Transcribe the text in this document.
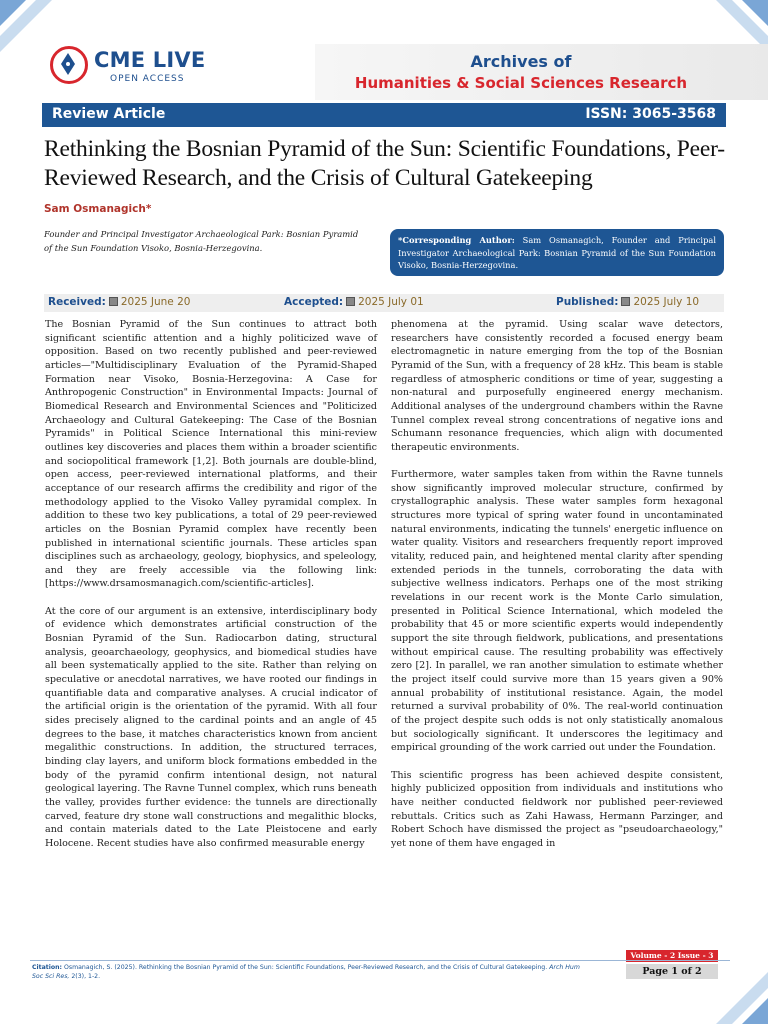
CME LIVE
OPEN ACCESS
Archives of
Humanities & Social Sciences Research
Review Article	ISSN: 3065-3568
Rethinking the Bosnian Pyramid of the Sun: Scientific Foundations, Peer-Reviewed Research, and the Crisis of Cultural Gatekeeping
Sam Osmanagich*
Founder and Principal Investigator Archaeological Park: Bosnian Pyramid of the Sun Foundation Visoko, Bosnia-Herzegovina.
*Corresponding Author: Sam Osmanagich, Founder and Principal Investigator Archaeological Park: Bosnian Pyramid of the Sun Foundation Visoko, Bosnia-Herzegovina.
Received: 2025 June 20	Accepted: 2025 July 01	Published: 2025 July 10

The Bosnian Pyramid of the Sun continues to attract both significant scientific attention and a highly politicized wave of opposition. Based on two recently published and peer-reviewed articles—"Multidisciplinary Evaluation of the Pyramid-Shaped Formation near Visoko, Bosnia-Herzegovina: A Case for Anthropogenic Construction" in Environmental Impacts: Journal of Biomedical Research and Environmental Sciences and "Politicized Archaeology and Cultural Gatekeeping: The Case of the Bosnian Pyramids" in Political Science International this mini-review outlines key discoveries and places them within a broader scientific and sociopolitical framework [1,2]. Both journals are double-blind, open access, peer-reviewed international platforms, and their acceptance of our research affirms the credibility and rigor of the methodology applied to the Visoko Valley pyramidal complex. In addition to these two key publications, a total of 29 peer-reviewed articles on the Bosnian Pyramid complex have recently been published in international scientific journals. These articles span disciplines such as archaeology, geology, biophysics, and speleology, and they are freely accessible via the following link: [https://www.drsamosmanagich.com/scientific-articles].

At the core of our argument is an extensive, interdisciplinary body of evidence which demonstrates artificial construction of the Bosnian Pyramid of the Sun. Radiocarbon dating, structural analysis, geoarchaeology, geophysics, and biomedical studies have all been systematically applied to the site. Rather than relying on speculative or anecdotal narratives, we have rooted our findings in quantifiable data and comparative analyses. A crucial indicator of the artificial origin is the orientation of the pyramid. With all four sides precisely aligned to the cardinal points and an angle of 45 degrees to the base, it matches characteristics known from ancient megalithic constructions. In addition, the structured terraces, binding clay layers, and uniform block formations embedded in the body of the pyramid confirm intentional design, not natural geological layering. The Ravne Tunnel complex, which runs beneath the valley, provides further evidence: the tunnels are directionally carved, feature dry stone wall constructions and megalithic blocks, and contain materials dated to the Late Pleistocene and early Holocene. Recent studies have also confirmed measurable energy

phenomena at the pyramid. Using scalar wave detectors, researchers have consistently recorded a focused energy beam electromagnetic in nature emerging from the top of the Bosnian Pyramid of the Sun, with a frequency of 28 kHz. This beam is stable regardless of atmospheric conditions or time of year, suggesting a non-natural and purposefully engineered energy mechanism. Additional analyses of the underground chambers within the Ravne Tunnel complex reveal strong concentrations of negative ions and Schumann resonance frequencies, which align with documented therapeutic environments.

Furthermore, water samples taken from within the Ravne tunnels show significantly improved molecular structure, confirmed by crystallographic analysis. These water samples form hexagonal structures more typical of spring water found in uncontaminated natural environments, indicating the tunnels' energetic influence on water quality. Visitors and researchers frequently report improved vitality, reduced pain, and heightened mental clarity after spending extended periods in the tunnels, corroborating the data with subjective wellness indicators. Perhaps one of the most striking revelations in our recent work is the Monte Carlo simulation, presented in Political Science International, which modeled the probability that 45 or more scientific experts would independently support the site through fieldwork, publications, and presentations without empirical cause. The resulting probability was effectively zero [2]. In parallel, we ran another simulation to estimate whether the project itself could survive more than 15 years given a 90% annual probability of institutional resistance. Again, the model returned a survival probability of 0%. The real-world continuation of the project despite such odds is not only statistically anomalous but sociologically significant. It underscores the legitimacy and empirical grounding of the work carried out under the Foundation.

This scientific progress has been achieved despite consistent, highly publicized opposition from individuals and institutions who have neither conducted fieldwork nor published peer-reviewed rebuttals. Critics such as Zahi Hawass, Hermann Parzinger, and Robert Schoch have dismissed the project as "pseudoarchaeology," yet none of them have engaged in

Volume - 2 Issue - 3
Citation: Osmanagich, S. (2025). Rethinking the Bosnian Pyramid of the Sun: Scientific Foundations, Peer-Reviewed Research, and the Crisis of Cultural Gatekeeping. Arch Hum Soc Sci Res, 2(3), 1-2.	Page 1 of 2
